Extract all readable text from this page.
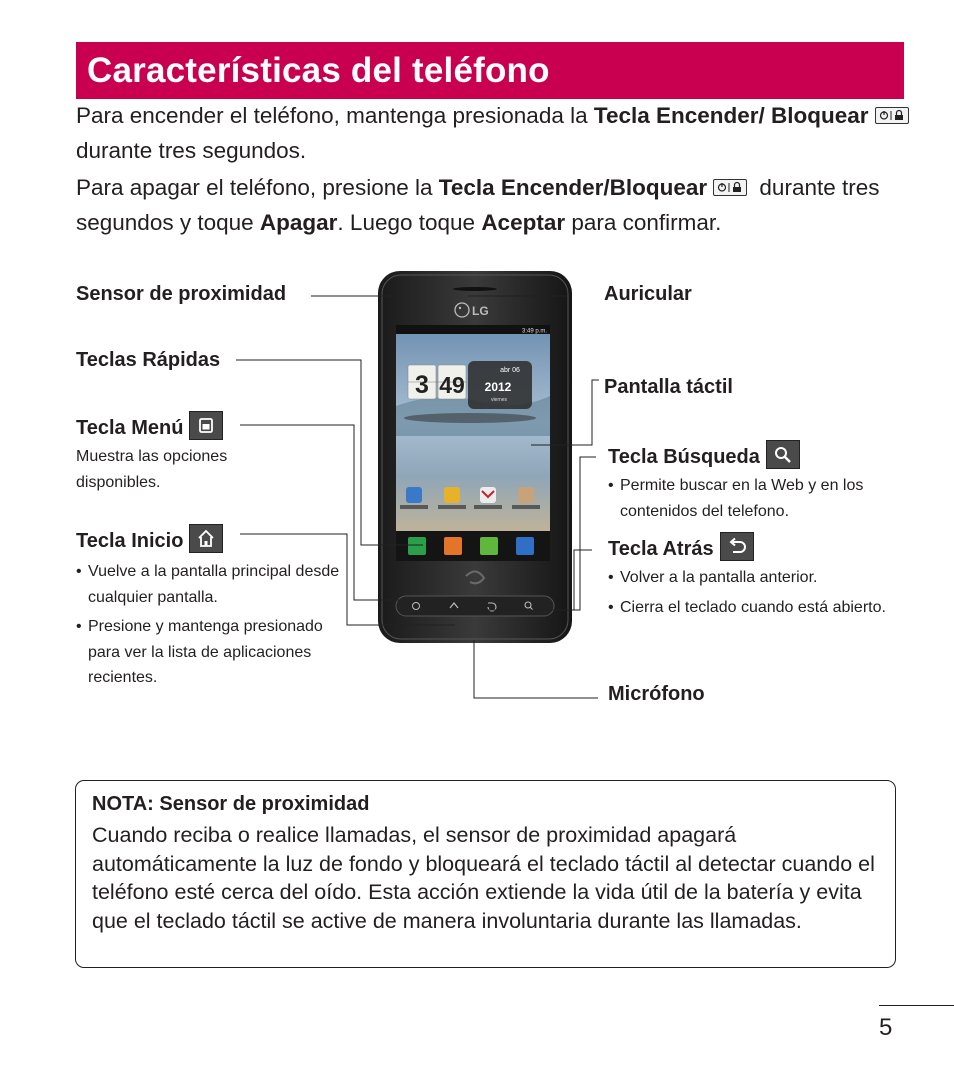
Características del teléfono

Para encender el teléfono, mantenga presionada la Tecla Encender/ Bloquear
durante tres segundos.

Para apagar el teléfono, presione la Tecla Encender/Bloquear
durante tres segundos y toque Apagar. Luego toque Aceptar para confirmar.

LG
3:49 p.m.
3 49
abr 06
2012
viernes
Sensor de proximidad
Teclas Rápidas
Tecla Menú
Muestra las opciones disponibles.
Tecla Inicio
• Vuelve a la pantalla principal desde cualquier pantalla.
• Presione y mantenga presionado para ver la lista de aplicaciones recientes.
Auricular
Pantalla táctil
Tecla Búsqueda
• Permite buscar en la Web y en los contenidos del telefono.
Tecla Atrás
• Volver a la pantalla anterior.
• Cierra el teclado cuando está abierto.
Micrófono
NOTA: Sensor de proximidad
Cuando reciba o realice llamadas, el sensor de proximidad apagará automáticamente la luz de fondo y bloqueará el teclado táctil al detectar cuando el teléfono esté cerca del oído. Esta acción extiende la vida útil de la batería y evita que el teclado táctil se active de manera involuntaria durante las llamadas.
5
